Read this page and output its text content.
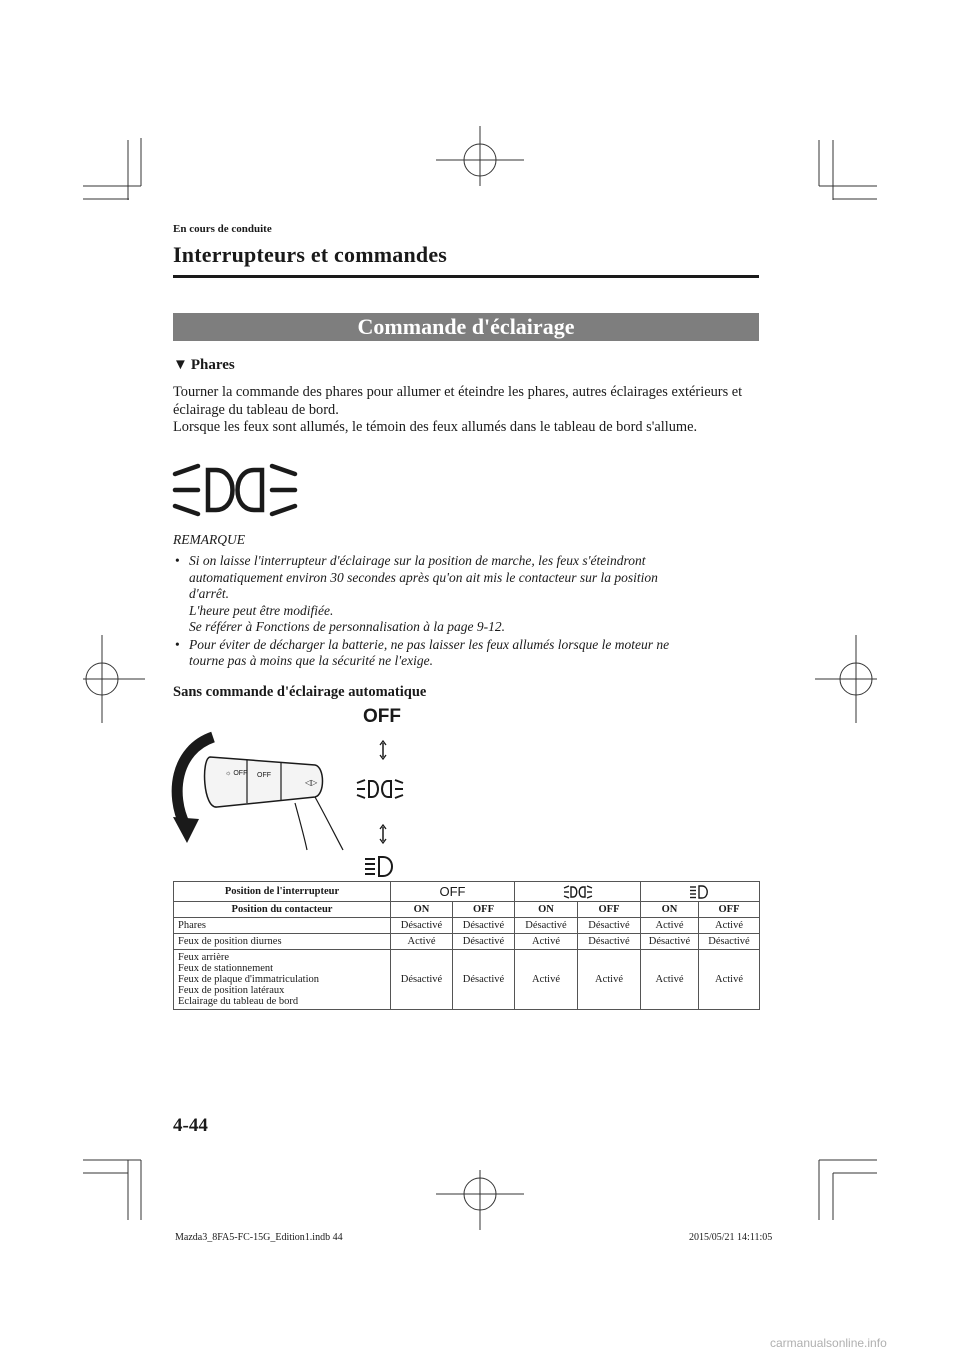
En cours de conduite
Interrupteurs et commandes
Commande d'éclairage
▼ Phares

Tourner la commande des phares pour allumer et éteindre les phares, autres éclairages extérieurs et éclairage du tableau de bord.

Lorsque les feux sont allumés, le témoin des feux allumés dans le tableau de bord s'allume.

REMARQUE
• Si on laisse l'interrupteur d'éclairage sur la position de marche, les feux s'éteindront
automatiquement environ 30 secondes après qu'on ait mis le contacteur sur la position
d'arrêt.
L'heure peut être modifiée.
Se référer à Fonctions de personnalisation à la page 9-12.
• Pour éviter de décharger la batterie, ne pas laisser les feux allumés lorsque le moteur ne
tourne pas à moins que la sécurité ne l'exige.
Sans commande d'éclairage automatique
OFF
☼ OFF OFF
◁▷
Position de l'interrupteur	OFF		
Position du contacteur	ON	OFF	ON	OFF	ON	OFF
Phares	Désactivé	Désactivé	Désactivé	Désactivé	Activé	Activé
Feux de position diurnes	Activé	Désactivé	Activé	Désactivé	Désactivé	Désactivé

Feux arrière
Feux de stationnement
Feux de plaque d'immatriculation
Feux de position latéraux
Eclairage du tableau de bord	Désactivé	Désactivé	Activé	Activé	Activé	Activé
4-44
Mazda3_8FA5-FC-15G_Edition1.indb 44	2015/05/21 14:11:05
carmanualsonline.info
